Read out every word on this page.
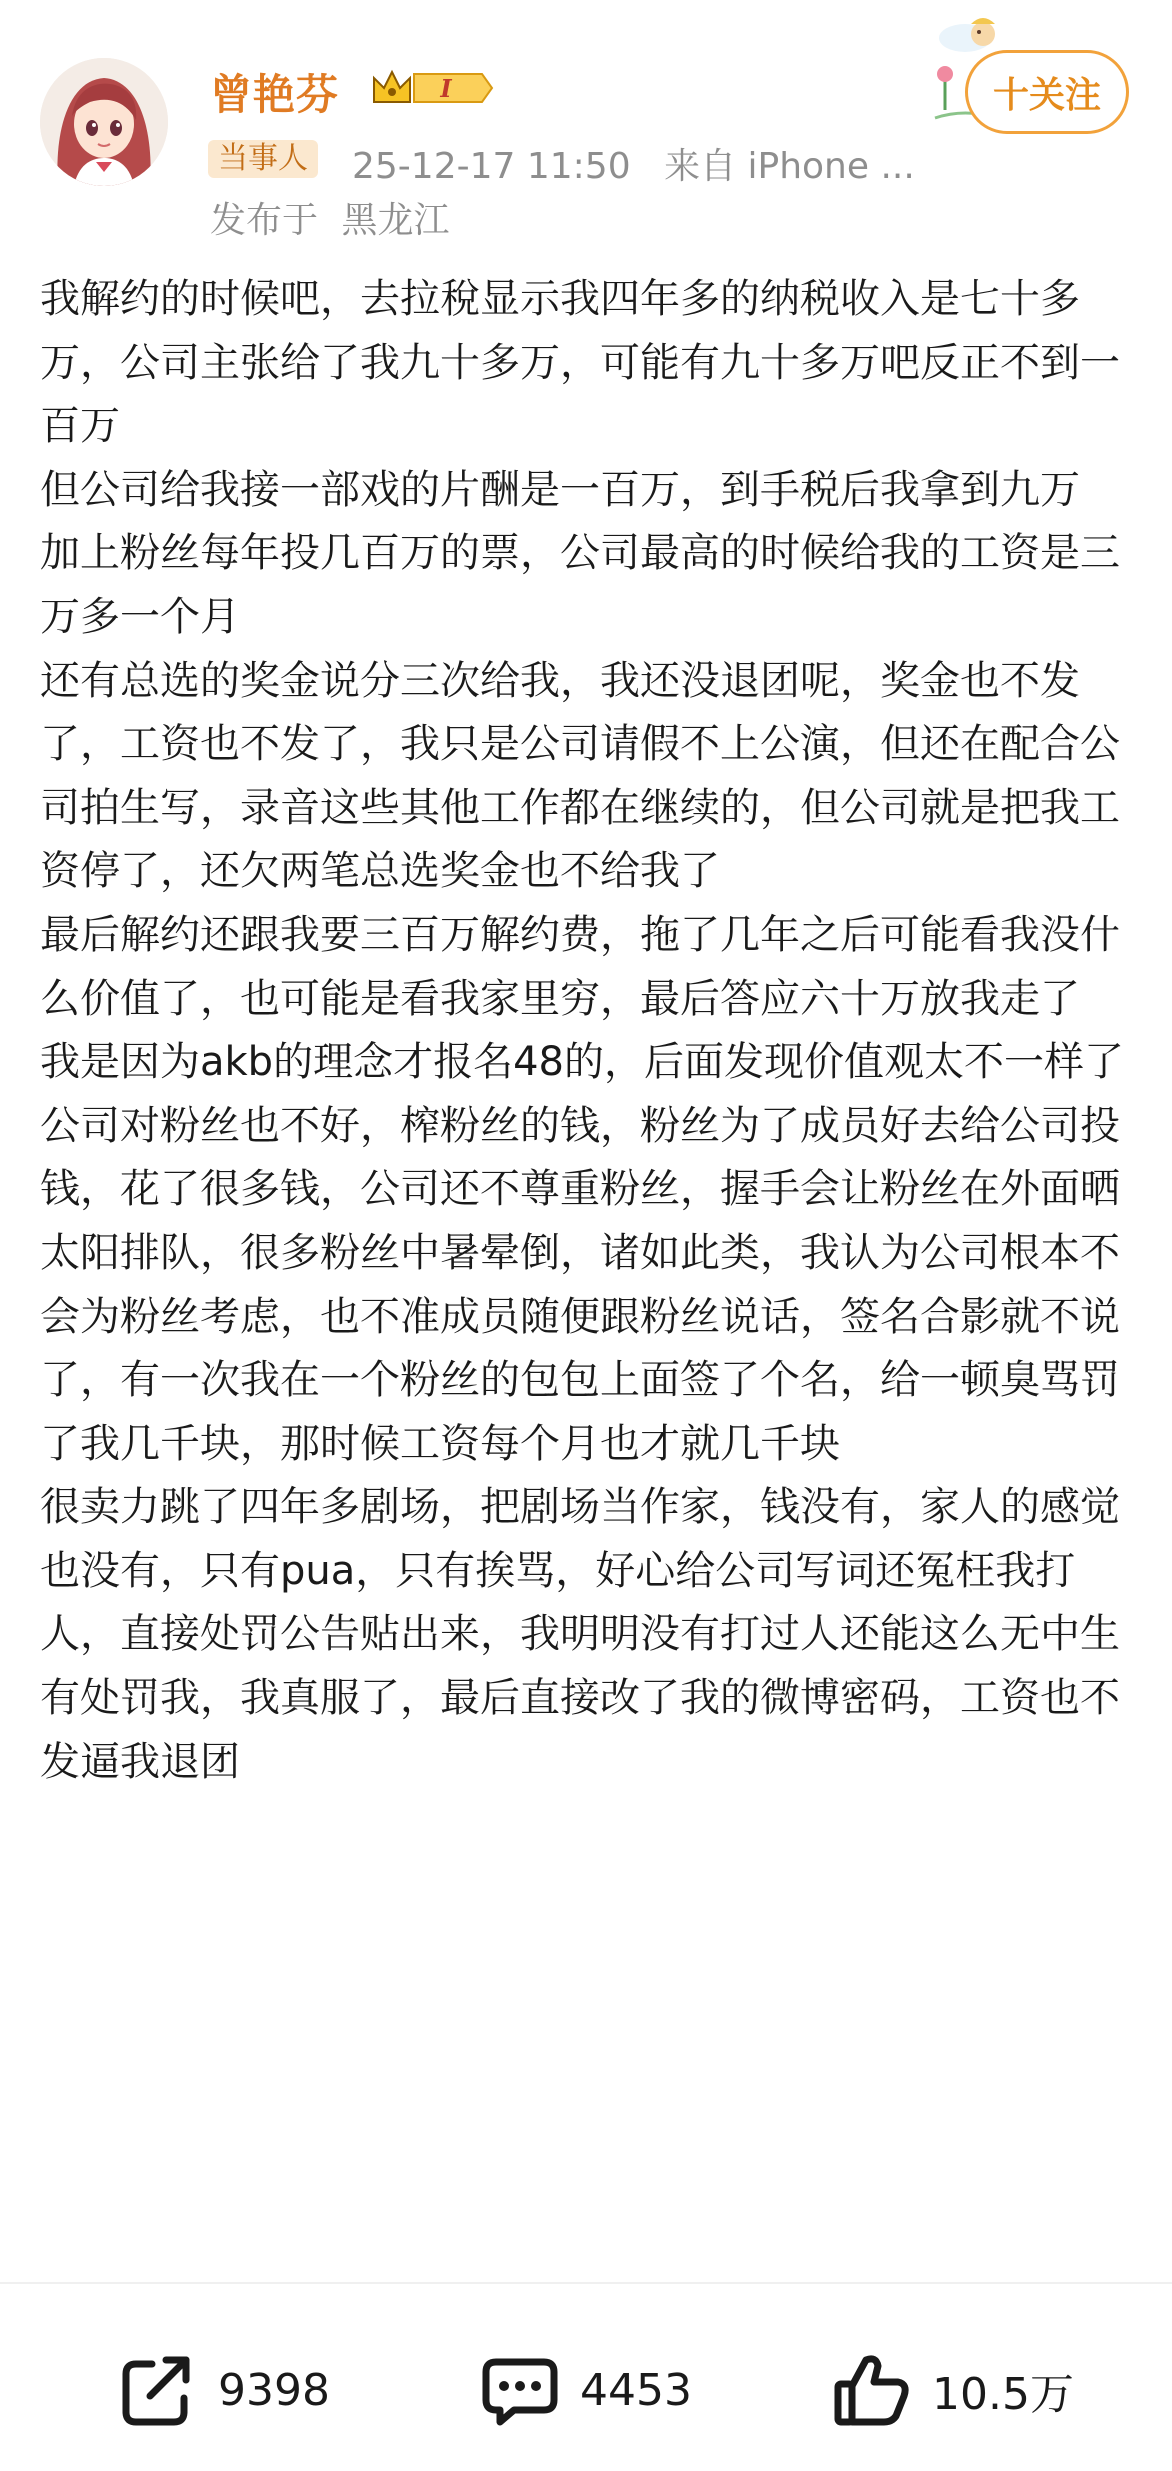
曾艳芬	I
当事人 25-12-17 11:50 来自 iPhone ...
发布于 黑龙江
十关注

我解约的时候吧，去拉稅显示我四年多的纳税收入是七十多万，公司主张给了我九十多万，可能有九十多万吧反正不到一百万

但公司给我接一部戏的片酬是一百万，到手税后我拿到九万

加上粉丝每年投几百万的票，公司最高的时候给我的工资是三万多一个月

还有总选的奖金说分三次给我，我还没退团呢，奖金也不发了，工资也不发了，我只是公司请假不上公演，但还在配合公司拍生写，录音这些其他工作都在继续的，但公司就是把我工资停了，还欠两笔总选奖金也不给我了

最后解约还跟我要三百万解约费，拖了几年之后可能看我没什么价值了，也可能是看我家里穷，最后答应六十万放我走了

我是因为akb的理念才报名48的，后面发现价值观太不一样了

公司对粉丝也不好，榨粉丝的钱，粉丝为了成员好去给公司投钱，花了很多钱，公司还不尊重粉丝，握手会让粉丝在外面晒太阳排队，很多粉丝中暑晕倒，诸如此类，我认为公司根本不会为粉丝考虑，也不准成员随便跟粉丝说话，签名合影就不说了，有一次我在一个粉丝的包包上面签了个名，给一顿臭骂罚了我几千块，那时候工资每个月也才就几千块

很卖力跳了四年多剧场，把剧场当作家，钱没有，家人的感觉也没有，只有pua，只有挨骂，好心给公司写词还冤枉我打人，直接处罚公告贴出来，我明明没有打过人还能这么无中生有处罚我，我真服了，最后直接改了我的微博密码，工资也不发逼我退团

9398	4453	10.5万
